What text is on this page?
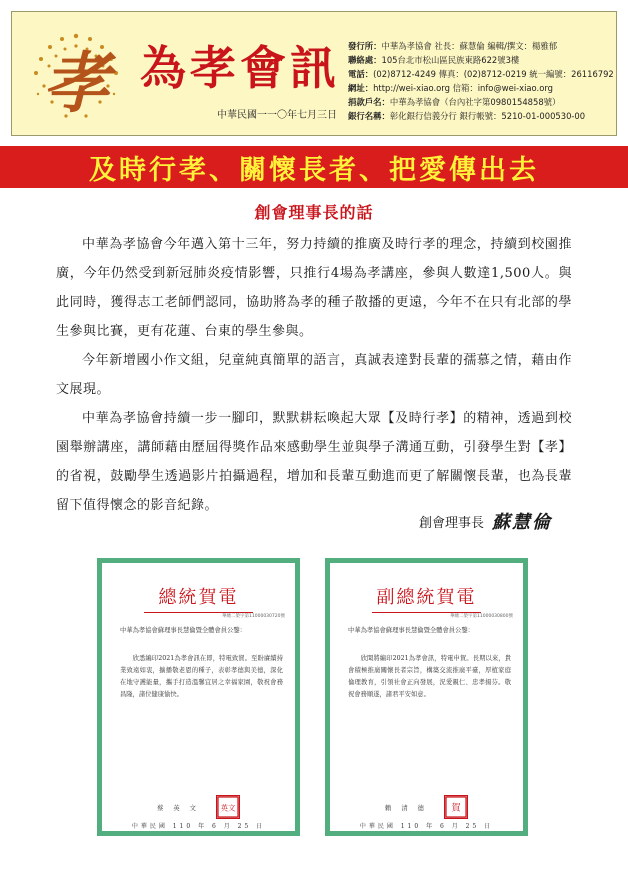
孝 為孝會訊
中華民國一一〇年七月三日
發行所：中華為孝協會 社長：蘇慧倫 編輯/撰文：楊雅郁
聯絡處：105台北市松山區民族東路622號3樓
電話：(02)8712-4249 傳真：(02)8712-0219 統一編號：26116792
網址：http://wei-xiao.org 信箱：info@wei-xiao.org
捐款戶名：中華為孝協會（台內社字第0980154858號）
銀行名稱：彰化銀行信義分行 銀行帳號：5210-01-000530-00
及時行孝、關懷長者、把愛傳出去
創會理事長的話

中華為孝協會今年邁入第十三年，努力持續的推廣及時行孝的理念，持續到校園推廣，今年仍然受到新冠肺炎疫情影響，只推行4場為孝講座，參與人數達1,500人。與此同時，獲得志工老師們認同，協助將為孝的種子散播的更遠，今年不在只有北部的學生參與比賽，更有花蓮、台東的學生參與。

今年新增國小作文組，兒童純真簡單的語言，真誠表達對長輩的孺慕之情，藉由作文展現。

中華為孝協會持續一步一腳印，默默耕耘喚起大眾【及時行孝】的精神，透過到校園舉辦講座，講師藉由歷屆得獎作品來感動學生並與學子溝通互動，引發學生對【孝】的省視，鼓勵學生透過影片拍攝過程，增加和長輩互動進而更了解關懷長輩，也為長輩留下值得懷念的影音紀錄。

創會理事長 蘇慧倫
總統賀電
華總二榮字第11000030720號
中華為孝協會蘇理事長慧倫暨全體會員公鑒：
欣悉編印2021為孝會訊在即，特電致賀。至盼賡續持業致遠如衷，擴播敬老恩的種子，表彰孝德與美德，深化在地守護能量，攜手打造溫馨宜居之幸福家園，敬祝會務昌隆，諸位健康愉快。
蔡英文 英文
中華民國 110 年 6 月 25 日
副總統賀電
華總二榮字第11000030800號
中華為孝協會蘇理事長慧倫暨全體會員公鑒：
欣聞將編印2021為孝會訊，特電申賀。長期以來，貴會積極推廣關懷長者宗旨，構築交流推廣平臺，厚植家庭倫理教育，引領社會正向發展，況愛親仁、忠孝揚芬。敬祝會務順遂，諸君平安如意。
賴清德 賀
中華民國 110 年 6 月 25 日
